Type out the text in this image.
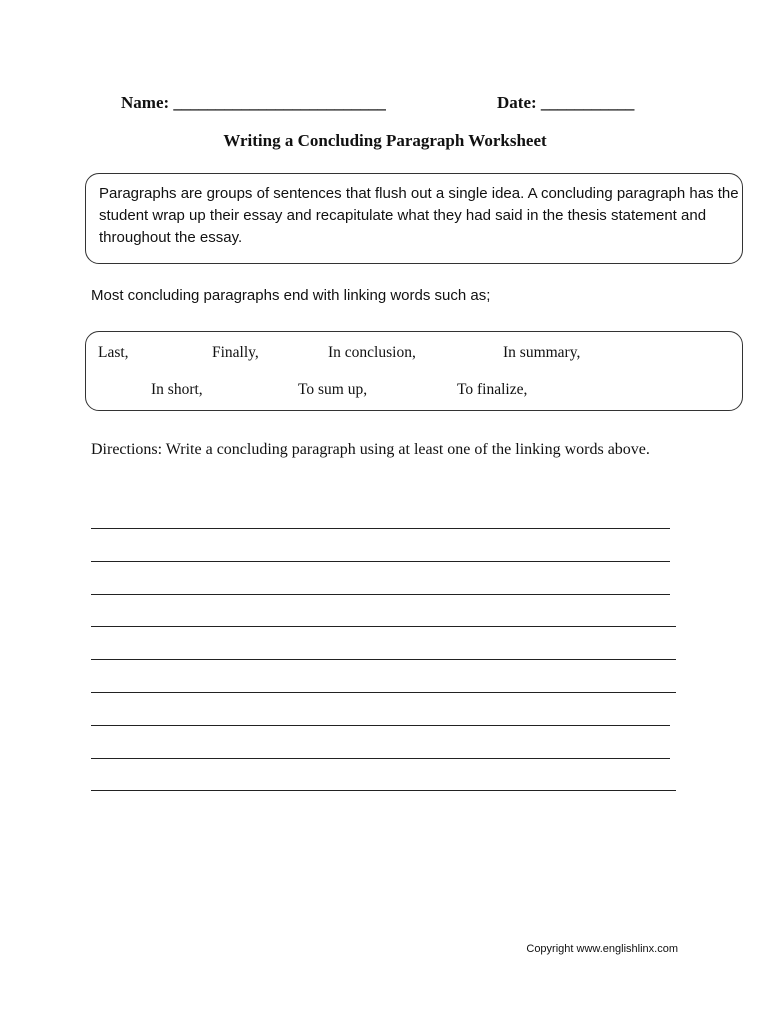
Name: _________________________	Date: ___________
Writing a Concluding Paragraph Worksheet
Paragraphs are groups of sentences that flush out a single idea. A concluding paragraph has the student wrap up their essay and recapitulate what they had said in the thesis statement and throughout the essay.
Most concluding paragraphs end with linking words such as;
Last,	Finally,	In conclusion,	In summary,
In short,	To sum up,	To finalize,
Directions: Write a concluding paragraph using at least one of the linking words above.
Copyright www.englishlinx.com
